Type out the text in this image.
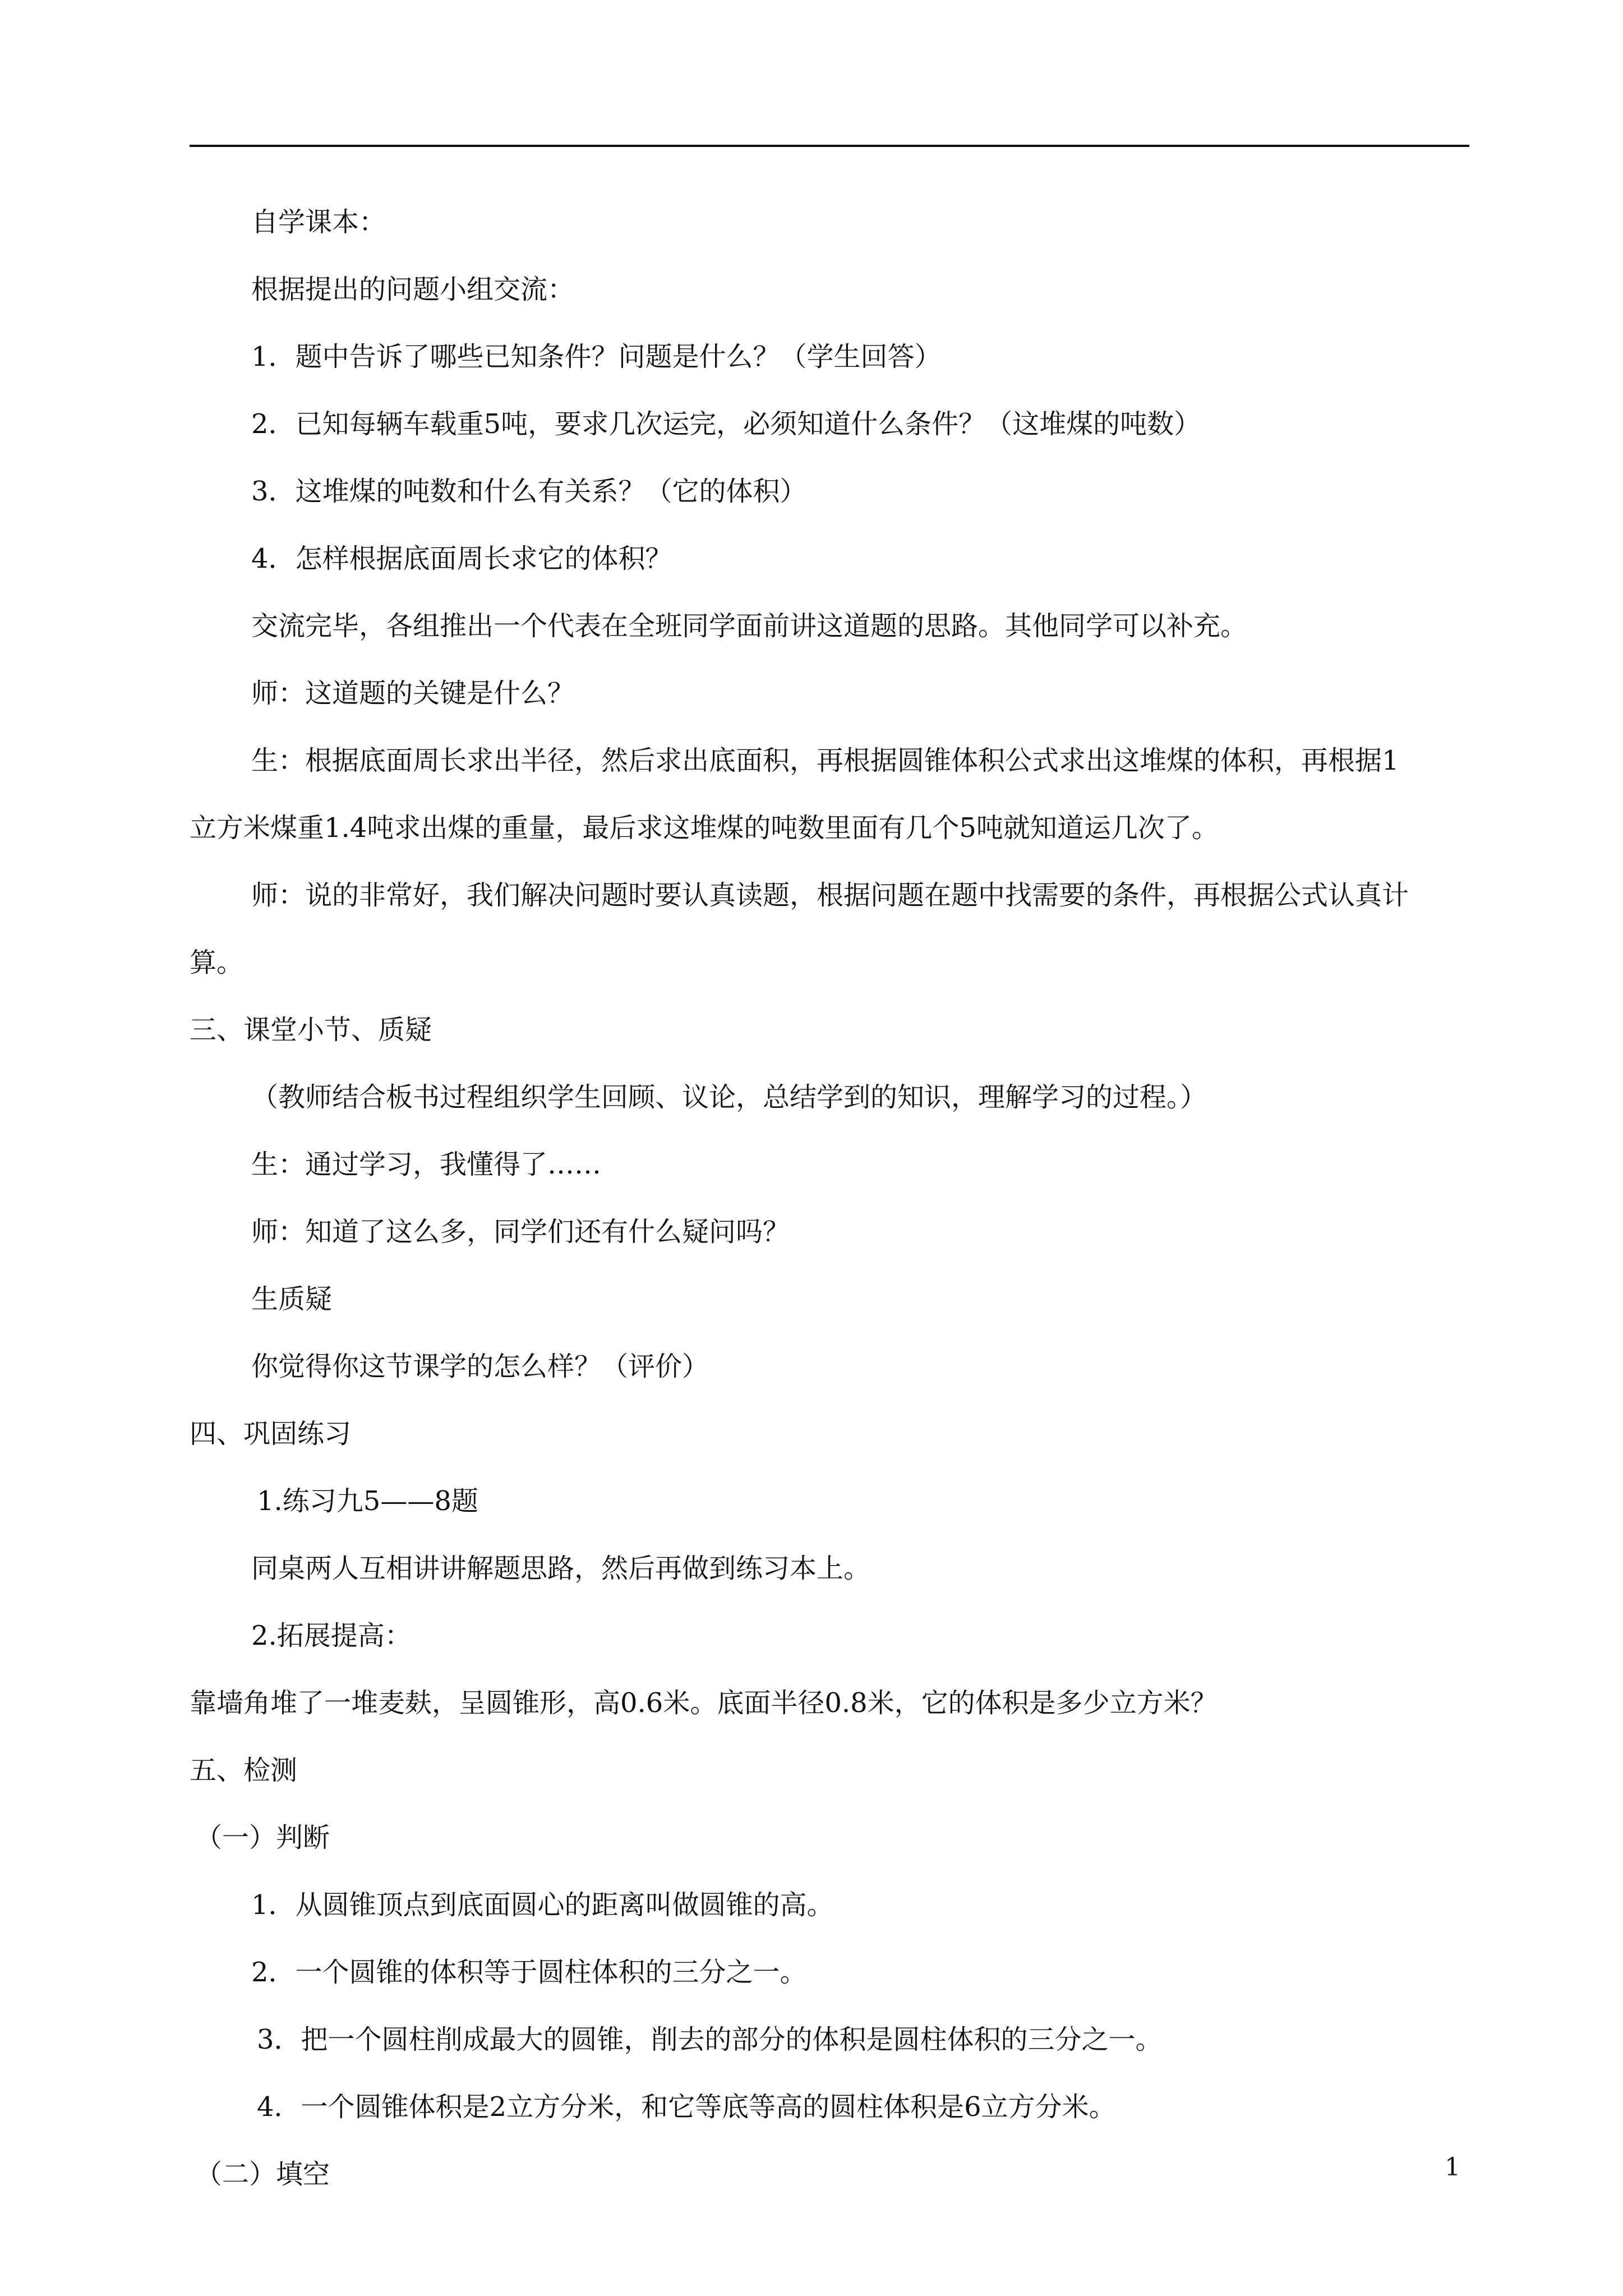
自学课本：
根据提出的问题小组交流：
1．题中告诉了哪些已知条件？问题是什么？（学生回答）
2．已知每辆车载重5吨，要求几次运完，必须知道什么条件？（这堆煤的吨数）
3．这堆煤的吨数和什么有关系？（它的体积）
4．怎样根据底面周长求它的体积？
交流完毕，各组推出一个代表在全班同学面前讲这道题的思路。其他同学可以补充。
师：这道题的关键是什么？
生：根据底面周长求出半径，然后求出底面积，再根据圆锥体积公式求出这堆煤的体积，再根据1
立方米煤重1.4吨求出煤的重量，最后求这堆煤的吨数里面有几个5吨就知道运几次了。
师：说的非常好，我们解决问题时要认真读题，根据问题在题中找需要的条件，再根据公式认真计
算。
三、课堂小节、质疑
（教师结合板书过程组织学生回顾、议论，总结学到的知识，理解学习的过程。）
生：通过学习，我懂得了……
师：知道了这么多，同学们还有什么疑问吗？
生质疑
你觉得你这节课学的怎么样？（评价）
四、巩固练习
1.练习九5——8题
同桌两人互相讲讲解题思路，然后再做到练习本上。
2.拓展提高：
靠墙角堆了一堆麦麸，呈圆锥形，高0.6米。底面半径0.8米，它的体积是多少立方米？
五、检测
（一）判断
1．从圆锥顶点到底面圆心的距离叫做圆锥的高。
2．一个圆锥的体积等于圆柱体积的三分之一。
3．把一个圆柱削成最大的圆锥，削去的部分的体积是圆柱体积的三分之一。
4．一个圆锥体积是2立方分米，和它等底等高的圆柱体积是6立方分米。
（二）填空	1
